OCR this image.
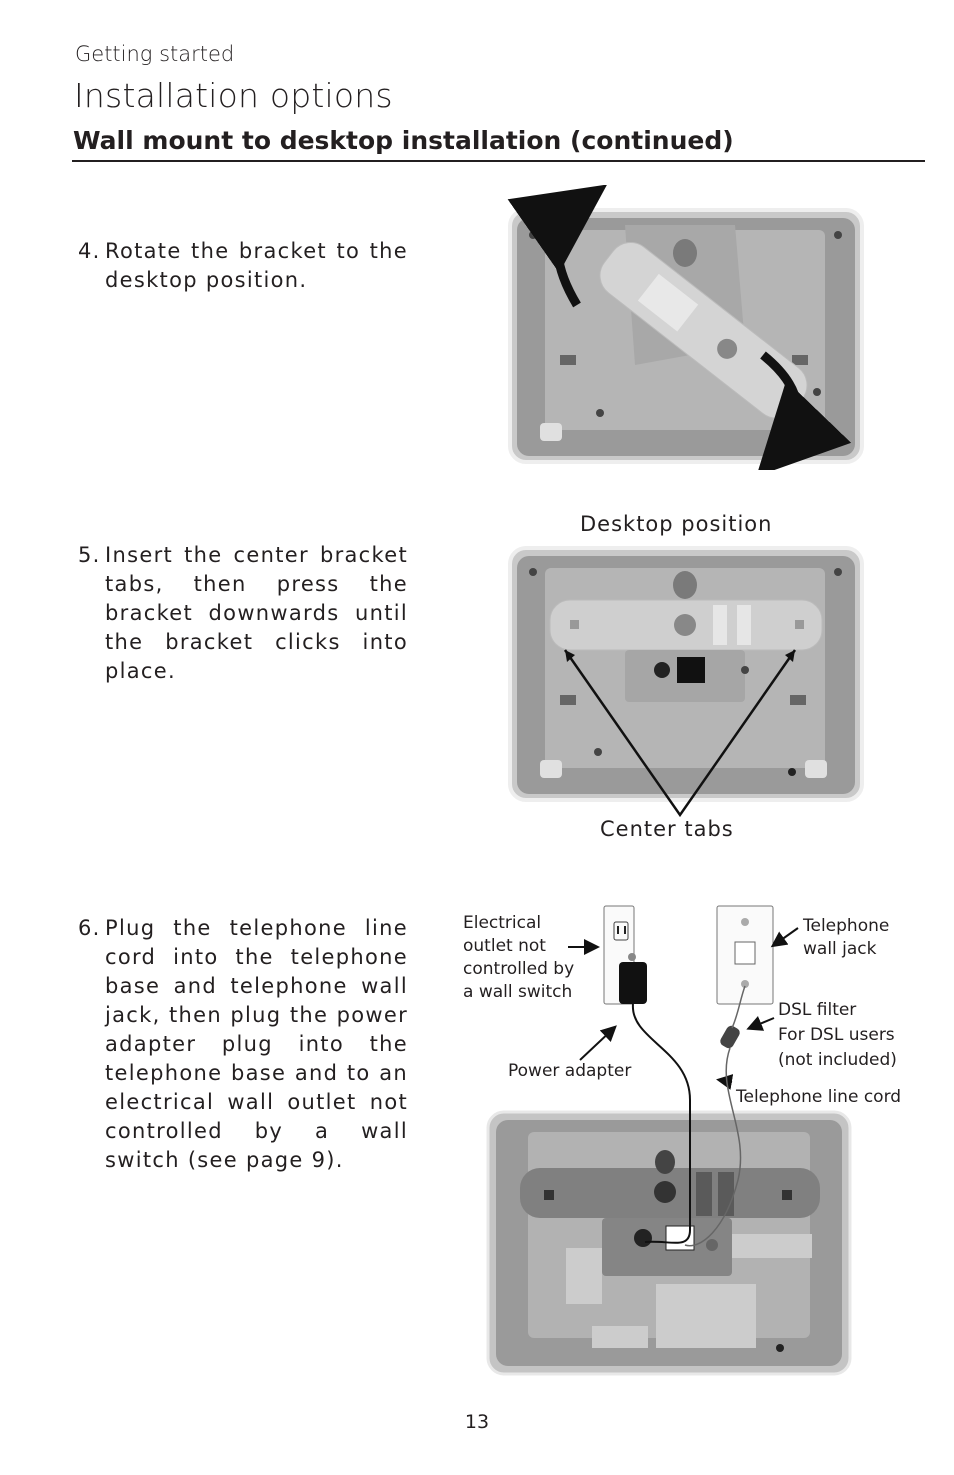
Getting started
Installation options
Wall mount to desktop installation (continued)
4. Rotate the bracket to the desktop position.
5. Insert the center bracket tabs, then press the bracket downwards until the bracket clicks into place.
Desktop position
Center tabs
6. Plug the telephone line cord into the telephone base and telephone wall jack, then plug the power adapter plug into the telephone base and to an electrical wall outlet not controlled by a wall switch (see page 9).
Electrical
outlet not
controlled by
a wall switch
Telephone
wall jack
DSL filter
For DSL users
(not included)
Power adapter
Telephone line cord
13
